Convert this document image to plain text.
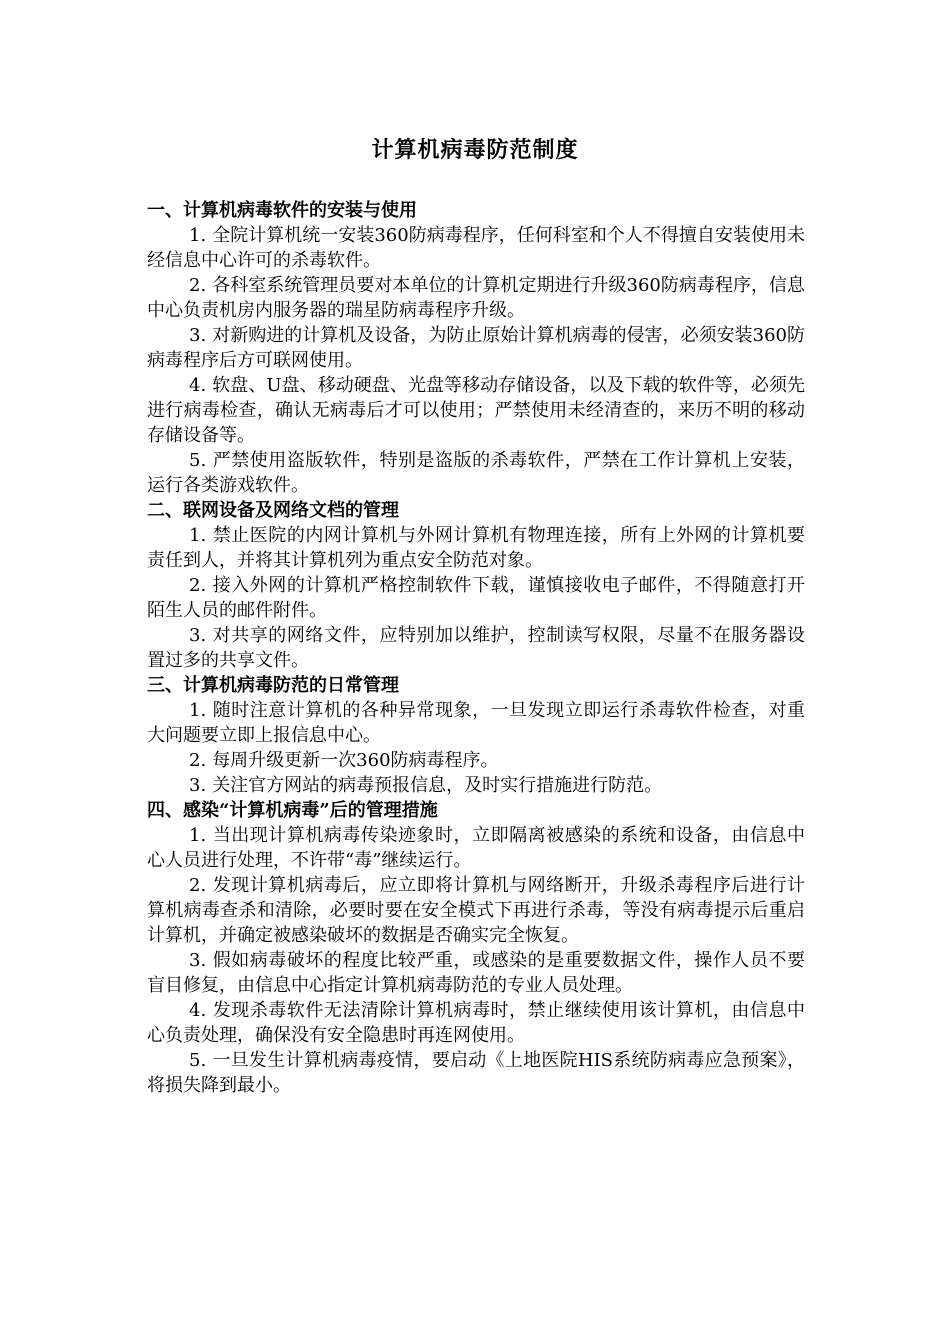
计算机病毒防范制度

一、计算机病毒软件的安装与使用

1. 全院计算机统一安装360防病毒程序，任何科室和个人不得擅自安装使用未经信息中心许可的杀毒软件。

2. 各科室系统管理员要对本单位的计算机定期进行升级360防病毒程序，信息中心负责机房内服务器的瑞星防病毒程序升级。

3. 对新购进的计算机及设备，为防止原始计算机病毒的侵害，必须安装360防病毒程序后方可联网使用。

4. 软盘、U盘、移动硬盘、光盘等移动存储设备，以及下载的软件等，必须先进行病毒检查，确认无病毒后才可以使用；严禁使用未经清查的，来历不明的移动存储设备等。

5. 严禁使用盗版软件，特别是盗版的杀毒软件，严禁在工作计算机上安装，运行各类游戏软件。

二、联网设备及网络文档的管理

1. 禁止医院的内网计算机与外网计算机有物理连接，所有上外网的计算机要责任到人，并将其计算机列为重点安全防范对象。

2. 接入外网的计算机严格控制软件下载，谨慎接收电子邮件，不得随意打开陌生人员的邮件附件。

3. 对共享的网络文件，应特别加以维护，控制读写权限，尽量不在服务器设置过多的共享文件。

三、计算机病毒防范的日常管理

1. 随时注意计算机的各种异常现象，一旦发现立即运行杀毒软件检查，对重大问题要立即上报信息中心。

2. 每周升级更新一次360防病毒程序。

3. 关注官方网站的病毒预报信息，及时实行措施进行防范。

四、感染“计算机病毒”后的管理措施

1. 当出现计算机病毒传染迹象时，立即隔离被感染的系统和设备，由信息中心人员进行处理，不许带“毒”继续运行。

2. 发现计算机病毒后，应立即将计算机与网络断开，升级杀毒程序后进行计算机病毒查杀和清除，必要时要在安全模式下再进行杀毒，等没有病毒提示后重启计算机，并确定被感染破坏的数据是否确实完全恢复。

3. 假如病毒破坏的程度比较严重，或感染的是重要数据文件，操作人员不要盲目修复，由信息中心指定计算机病毒防范的专业人员处理。

4. 发现杀毒软件无法清除计算机病毒时，禁止继续使用该计算机，由信息中心负责处理，确保没有安全隐患时再连网使用。

5. 一旦发生计算机病毒疫情，要启动《上地医院HIS系统防病毒应急预案》，将损失降到最小。
